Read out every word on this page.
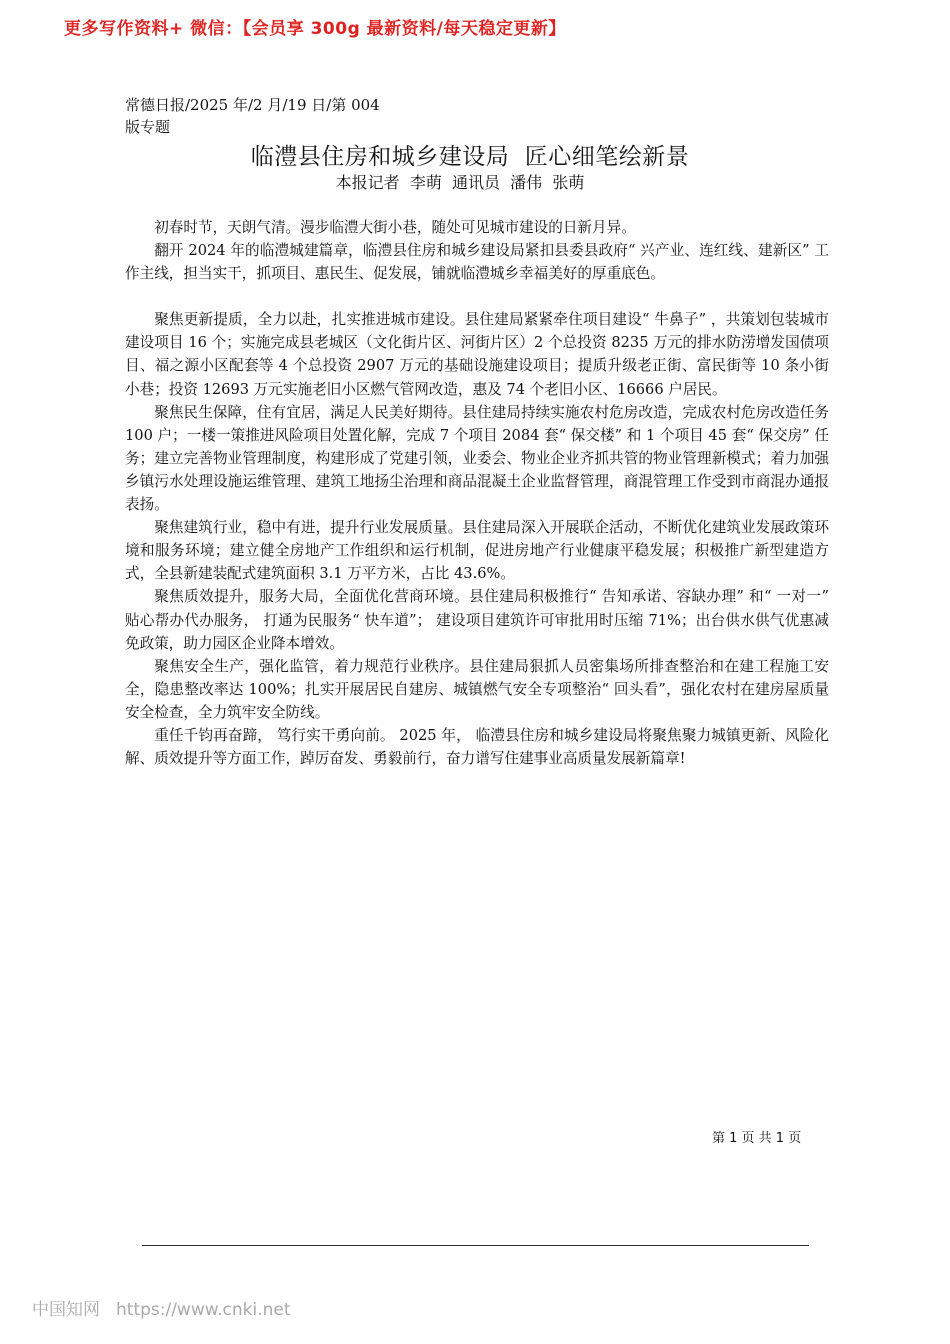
更多写作资料+ 微信：【会员享 300g 最新资料/每天稳定更新】
常德日报/2025 年/2 月/19 日/第 004 版专题
临澧县住房和城乡建设局  匠心细笔绘新景
本报记者  李萌  通讯员  潘伟  张萌

初春时节，天朗气清。漫步临澧大街小巷，随处可见城市建设的日新月异。

翻开 2024 年的临澧城建篇章，临澧县住房和城乡建设局紧扣县委县政府“ 兴产业、连红线、建新区” 工作主线，担当实干，抓项目、惠民生、促发展，铺就临澧城乡幸福美好的厚重底色。

聚焦更新提质，全力以赴，扎实推进城市建设。县住建局紧紧牵住项目建设“ 牛鼻子” ，共策划包装城市建设项目 16 个；实施完成县老城区（文化街片区、河街片区）2 个总投资 8235 万元的排水防涝增发国债项目、福之源小区配套等 4 个总投资 2907 万元的基础设施建设项目；提质升级老正街、富民街等 10 条小街小巷；投资 12693 万元实施老旧小区燃气管网改造，惠及 74 个老旧小区、16666 户居民。

聚焦民生保障，住有宜居，满足人民美好期待。县住建局持续实施农村危房改造，完成农村危房改造任务 100 户；一楼一策推进风险项目处置化解，完成 7 个项目 2084 套“ 保交楼” 和 1 个项目 45 套“ 保交房” 任务；建立完善物业管理制度，构建形成了党建引领，业委会、物业企业齐抓共管的物业管理新模式；着力加强乡镇污水处理设施运维管理、建筑工地扬尘治理和商品混凝土企业监督管理，商混管理工作受到市商混办通报表扬。

聚焦建筑行业，稳中有进，提升行业发展质量。县住建局深入开展联企活动，不断优化建筑业发展政策环境和服务环境；建立健全房地产工作组织和运行机制，促进房地产行业健康平稳发展；积极推广新型建造方式，全县新建装配式建筑面积 3.1 万平方米，占比 43.6%。

聚焦质效提升，服务大局，全面优化营商环境。县住建局积极推行“ 告知承诺、容缺办理” 和“ 一对一” 贴心帮办代办服务， 打通为民服务“ 快车道”； 建设项目建筑许可审批用时压缩 71%；出台供水供气优惠减免政策，助力园区企业降本增效。

聚焦安全生产，强化监管，着力规范行业秩序。县住建局狠抓人员密集场所排查整治和在建工程施工安全，隐患整改率达 100%；扎实开展居民自建房、城镇燃气安全专项整治“ 回头看”，强化农村在建房屋质量安全检查，全力筑牢安全防线。

重任千钧再奋蹄， 笃行实干勇向前。 2025 年， 临澧县住房和城乡建设局将聚焦聚力城镇更新、风险化解、质效提升等方面工作，踔厉奋发、勇毅前行，奋力谱写住建事业高质量发展新篇章!

第 1 页 共 1 页
中国知网 https://www.cnki.net
